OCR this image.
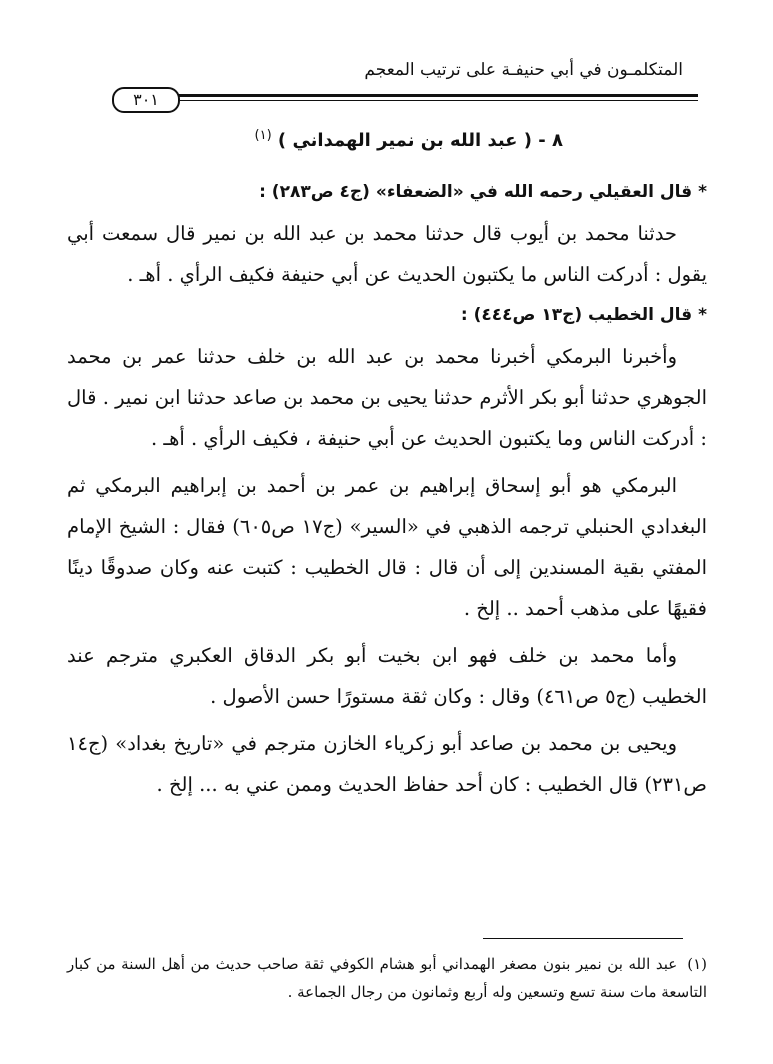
المتكلمـون في أبي حنيفـة على ترتيب المعجم
٣٠١
٨ - ( عبد الله بن نمير الهمداني ) $^{(١)}$

* قال العقيلي رحمه الله في «الضعفاء» (ج٤ ص٢٨٣) :

حدثنا محمد بن أيوب قال حدثنا محمد بن عبد الله بن نمير قال سمعت أبي يقول : أدركت الناس ما يكتبون الحديث عن أبي حنيفة فكيف الرأي . أهـ .

* قال الخطيب (ج١٣ ص٤٤٤) :

وأخبرنا البرمكي أخبرنا محمد بن عبد الله بن خلف حدثنا عمر بن محمد الجوهري حدثنا أبو بكر الأثرم حدثنا يحيى بن محمد بن صاعد حدثنا ابن نمير . قال : أدركت الناس وما يكتبون الحديث عن أبي حنيفة ، فكيف الرأي . أهـ .

البرمكي هو أبو إسحاق إبراهيم بن عمر بن أحمد بن إبراهيم البرمكي ثم البغدادي الحنبلي ترجمه الذهبي في «السير» (ج١٧ ص٦٠٥) فقال : الشيخ الإمام المفتي بقية المسندين إلى أن قال : قال الخطيب : كتبت عنه وكان صدوقًا دينًا فقيهًا على مذهب أحمد .. إلخ .

وأما محمد بن خلف فهو ابن بخيت أبو بكر الدقاق العكبري مترجم عند الخطيب (ج٥ ص٤٦١) وقال : وكان ثقة مستورًا حسن الأصول .

ويحيى بن محمد بن صاعد أبو زكرياء الخازن مترجم في «تاريخ بغداد» (ج١٤ ص٢٣١) قال الخطيب : كان أحد حفاظ الحديث وممن عني به ... إلخ .

(١)عبد الله بن نمير بنون مصغر الهمداني أبو هشام الكوفي ثقة صاحب حديث من أهل السنة من كبار التاسعة مات سنة تسع وتسعين وله أربع وثمانون من رجال الجماعة .
